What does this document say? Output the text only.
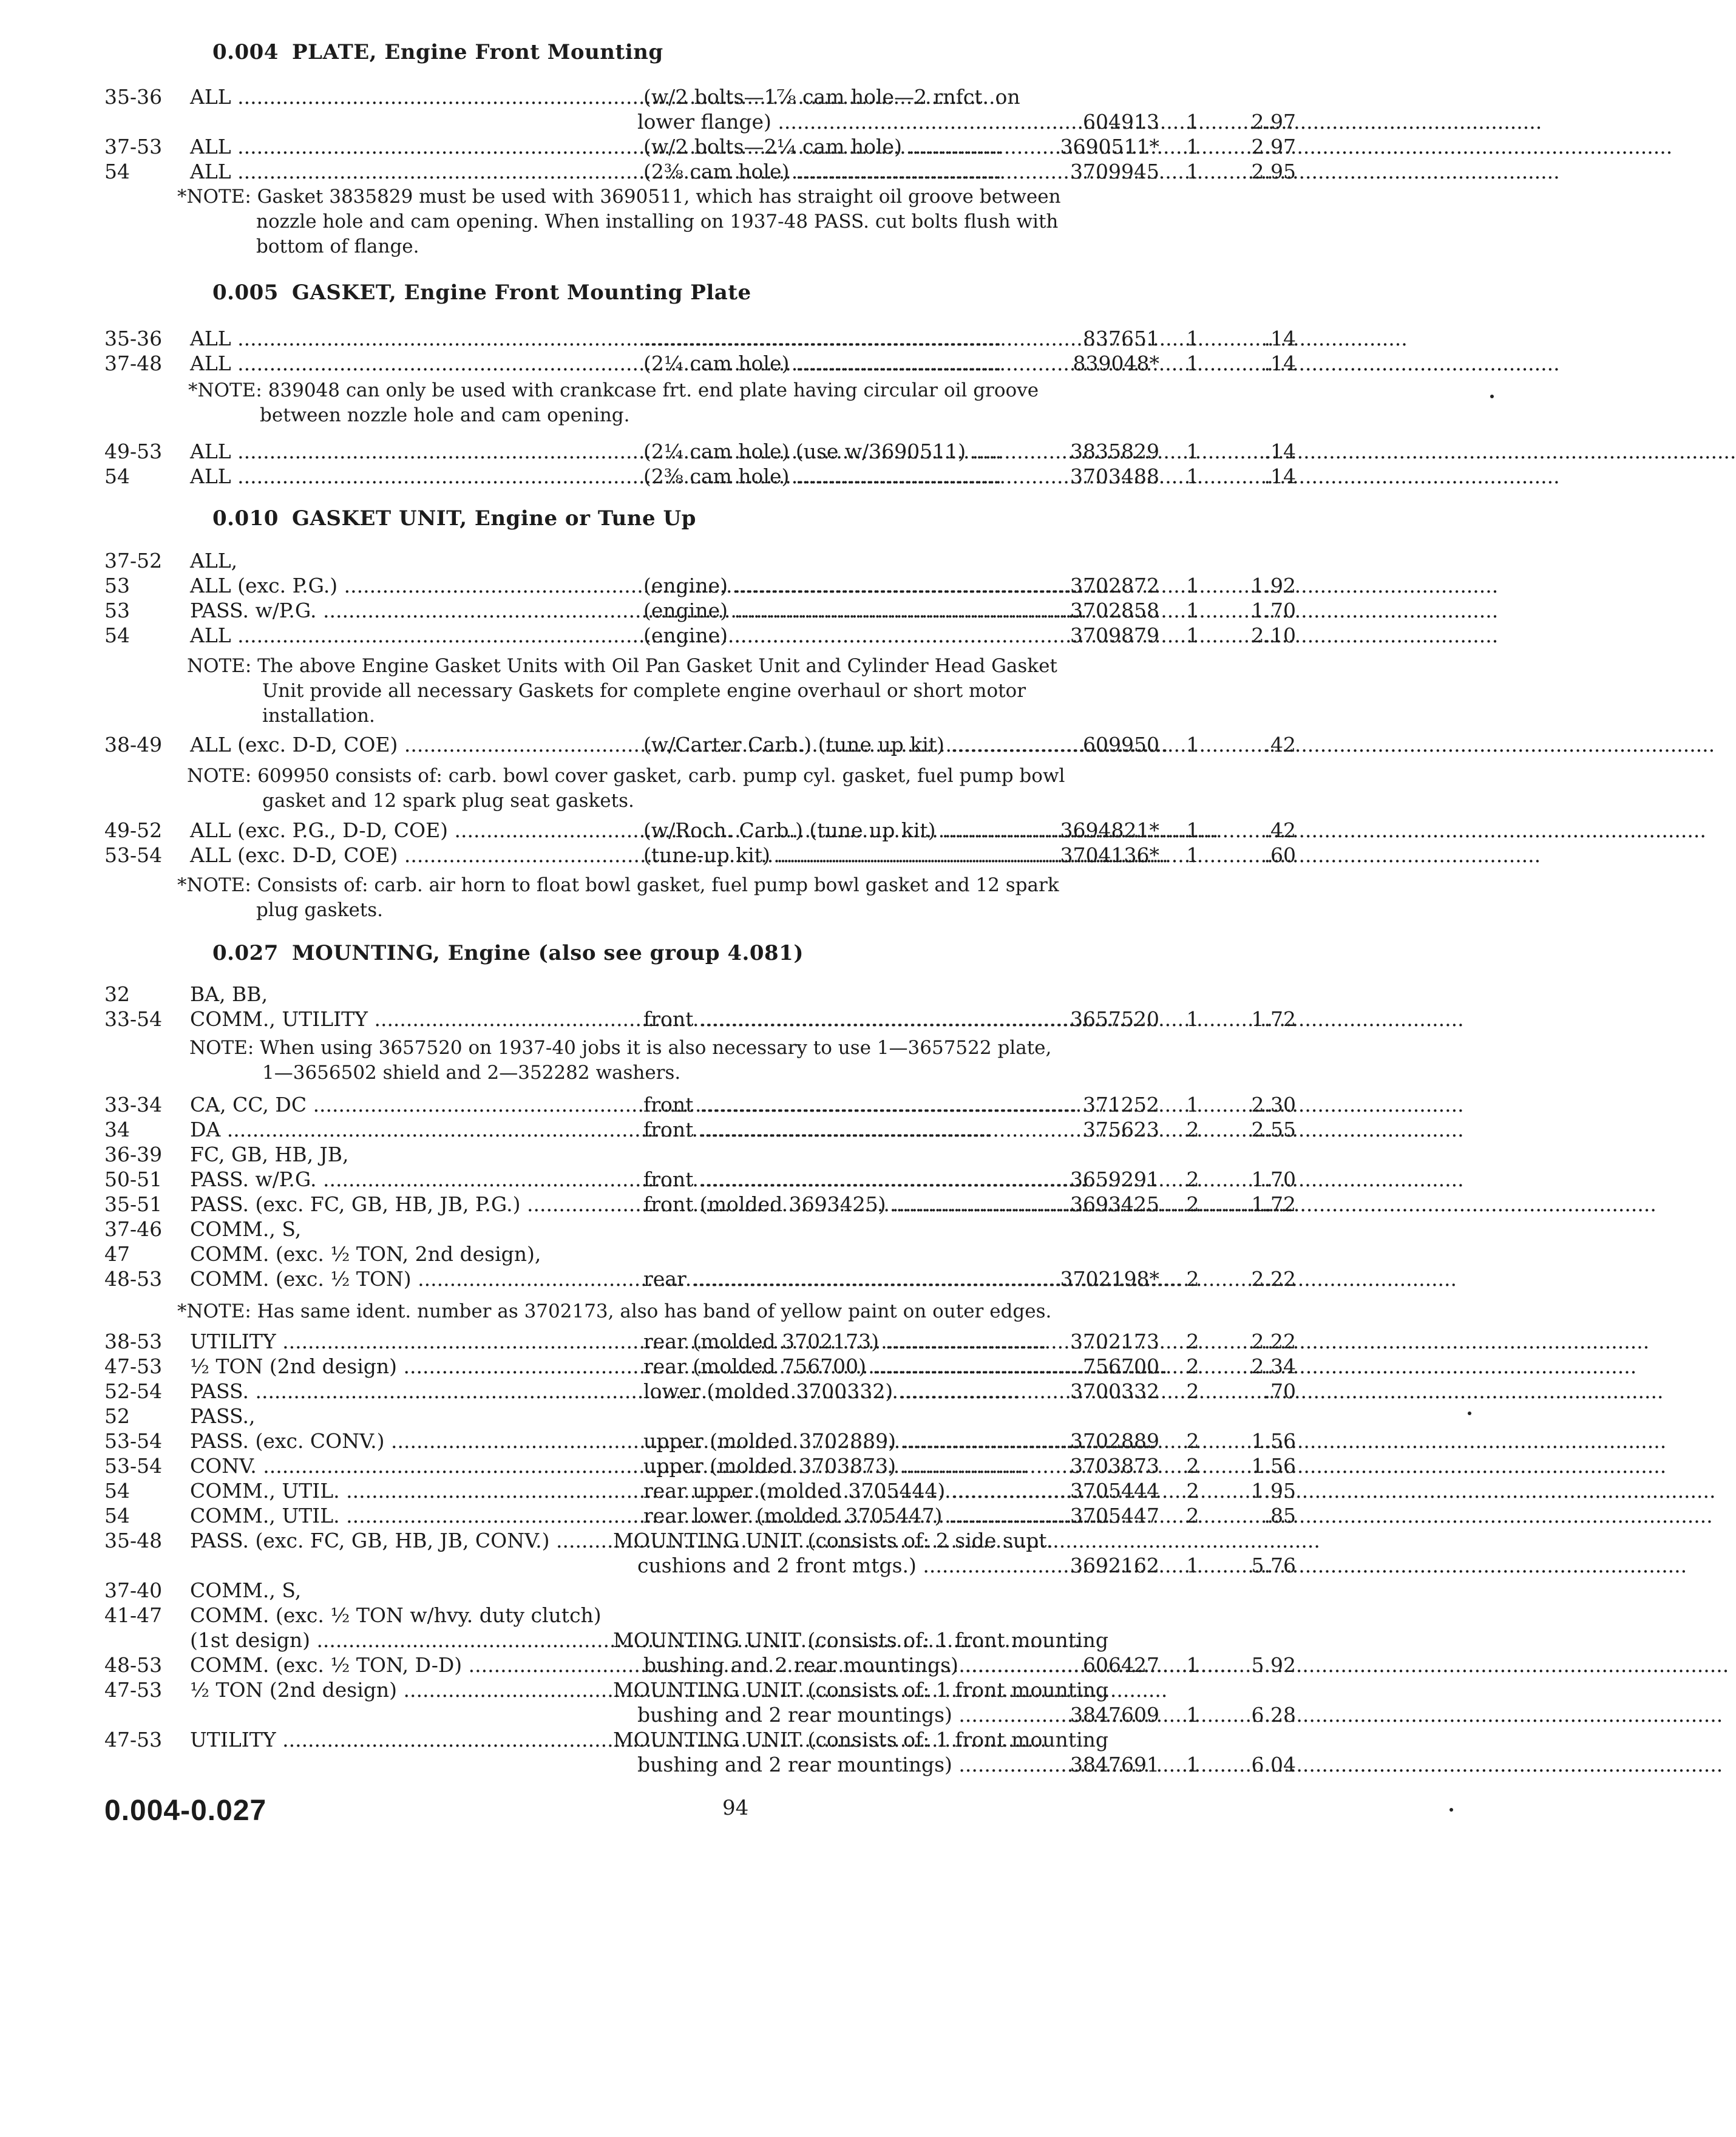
0.004 PLATE, Engine Front Mounting
35-36	ALL .....	(w/2 bolts—1⅞ cam hole—2 rnfct. on
lower flange) .....	604913 1	2.97
37-53	ALL .....	(w/2 bolts—2¼ cam hole) .....	3690511* 1	2.97
54	ALL .....	(2⅜ cam hole) .....	3709945 1	2.95
*NOTE: Gasket 3835829 must be used with 3690511, which has straight oil groove between
nozzle hole and cam opening. When installing on 1937-48 PASS. cut bolts flush with
bottom of flange.
0.005 GASKET, Engine Front Mounting Plate
35-36	ALL .....
.....	837651 1	.14
37-48	ALL .....	(2¼ cam hole) .....	839048* 1	.14
*NOTE: 839048 can only be used with crankcase frt. end plate having circular oil groove
between nozzle hole and cam opening.
49-53	ALL .....	(2¼ cam hole) (use w/3690511) .....	3835829 1	.14
54	ALL .....	(2⅜ cam hole) .....	3703488 1	.14
0.010 GASKET UNIT, Engine or Tune Up
37-52	ALL,
53	ALL (exc. P.G.) .....	(engine) .....	3702872 1	1.92
53	PASS. w/P.G. .....	(engine) .....	3702858 1	1.70
54	ALL .....	(engine) .....	3709879 1	2.10
NOTE: The above Engine Gasket Units with Oil Pan Gasket Unit and Cylinder Head Gasket
Unit provide all necessary Gaskets for complete engine overhaul or short motor
installation.
38-49	ALL (exc. D-D, COE) .....	(w/Carter Carb.) (tune up kit) .....	609950 1	.42
NOTE: 609950 consists of: carb. bowl cover gasket, carb. pump cyl. gasket, fuel pump bowl
gasket and 12 spark plug seat gaskets.
49-52	ALL (exc. P.G., D-D, COE) .....	(w/Roch. Carb.) (tune up kit) .....	3694821* 1	.42
53-54	ALL (exc. D-D, COE) .....	(tune-up kit) .....	3704136* 1	.60
*NOTE: Consists of: carb. air horn to float bowl gasket, fuel pump bowl gasket and 12 spark
plug gaskets.
0.027 MOUNTING, Engine (also see group 4.081)
32	BA, BB,
33-54	COMM., UTILITY .....	front .....	3657520 1	1.72
NOTE: When using 3657520 on 1937-40 jobs it is also necessary to use 1—3657522 plate,
1—3656502 shield and 2—352282 washers.
33-34	CA, CC, DC .....	front .....	371252 1	2.30
34	DA .....	front .....	375623 2	2.55
36-39	FC, GB, HB, JB,
50-51	PASS. w/P.G. .....	front .....	3659291 2	1.70
35-51	PASS. (exc. FC, GB, HB, JB, P.G.) .....	front (molded 3693425) .....	3693425 2	1.72
37-46	COMM., S,
47	COMM. (exc. ½ TON, 2nd design),
48-53	COMM. (exc. ½ TON) .....	rear .....	3702198* 2	2.22
*NOTE: Has same ident. number as 3702173, also has band of yellow paint on outer edges.
38-53	UTILITY .....	rear (molded 3702173) .....	3702173 2	2.22
47-53	½ TON (2nd design) .....	rear (molded 756700) .....	756700 2	2.34
52-54	PASS. .....	lower (molded 3700332) .....	3700332 2	.70
52	PASS.,
53-54	PASS. (exc. CONV.) .....	upper (molded 3702889) .....	3702889 2	1.56
53-54	CONV. .....	upper (molded 3703873) .....	3703873 2	1.56
54	COMM., UTIL. .....	rear upper (molded 3705444) .....	3705444 2	1.95
54	COMM., UTIL. .....	rear lower (molded 3705447) .....	3705447 2	.85
35-48	PASS. (exc. FC, GB, HB, JB, CONV.) .....	MOUNTING UNIT (consists of: 2 side supt.
cushions and 2 front mtgs.) .....	3692162 1	5.76
37-40	COMM., S,
41-47	COMM. (exc. ½ TON w/hvy. duty clutch)
(1st design) .....	MOUNTING UNIT (consists of: 1 front mounting
48-53	COMM. (exc. ½ TON, D-D) .....	bushing and 2 rear mountings) .....	606427 1	5.92
47-53	½ TON (2nd design) .....	MOUNTING UNIT (consists of: 1 front mounting
bushing and 2 rear mountings) .....	3847609 1	6.28
47-53	UTILITY .....	MOUNTING UNIT (consists of: 1 front mounting
bushing and 2 rear mountings) .....	3847691 1	6.04
0.004-0.027	94
